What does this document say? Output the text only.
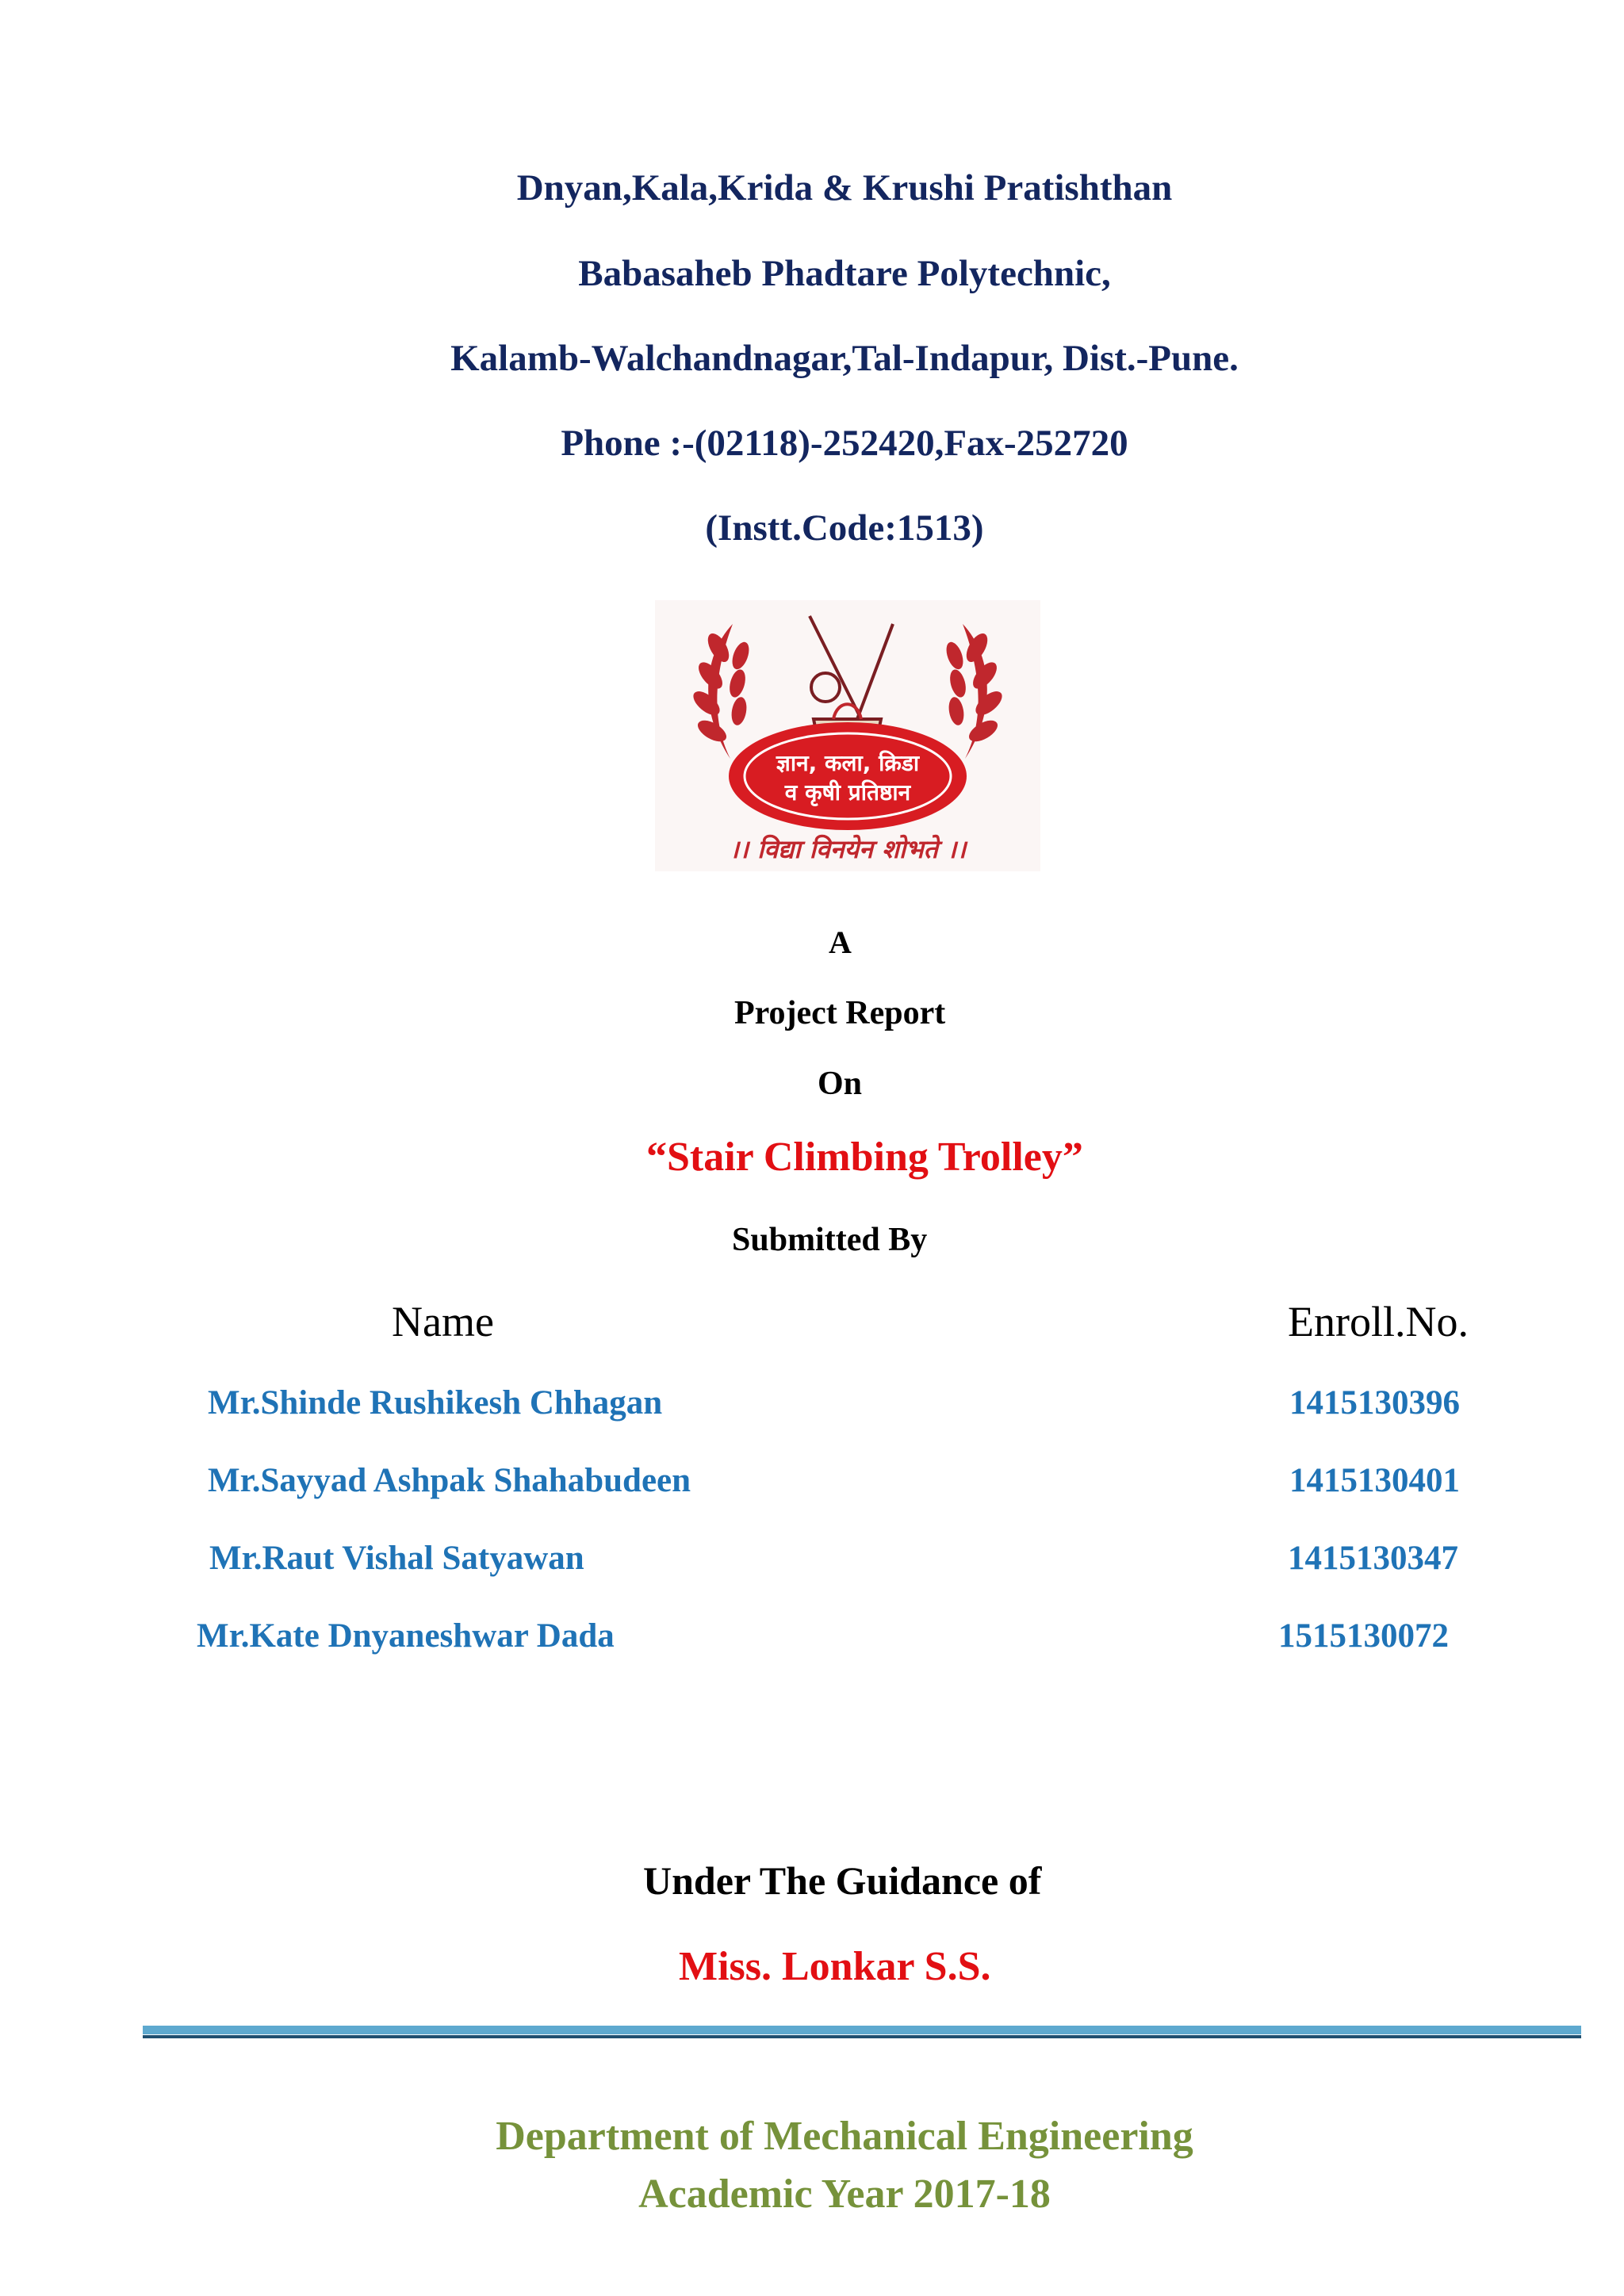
Dnyan,Kala,Krida & Krushi Pratishthan
Babasaheb Phadtare Polytechnic,
Kalamb-Walchandnagar,Tal-Indapur, Dist.-Pune.
Phone :-(02118)-252420,Fax-252720
(Instt.Code:1513)
ज्ञान, कला, क्रिडा
व कृषी प्रतिष्ठान
।। विद्या विनयेन शोभते ।।
A
Project Report
On
“Stair Climbing Trolley”
Submitted By
Name	Enroll.No.
Mr.Shinde Rushikesh Chhagan	1415130396
Mr.Sayyad Ashpak Shahabudeen	1415130401
Mr.Raut Vishal Satyawan	1415130347
Mr.Kate Dnyaneshwar Dada	1515130072
Under The Guidance of
Miss. Lonkar S.S.
Department of Mechanical Engineering
Academic Year 2017-18
